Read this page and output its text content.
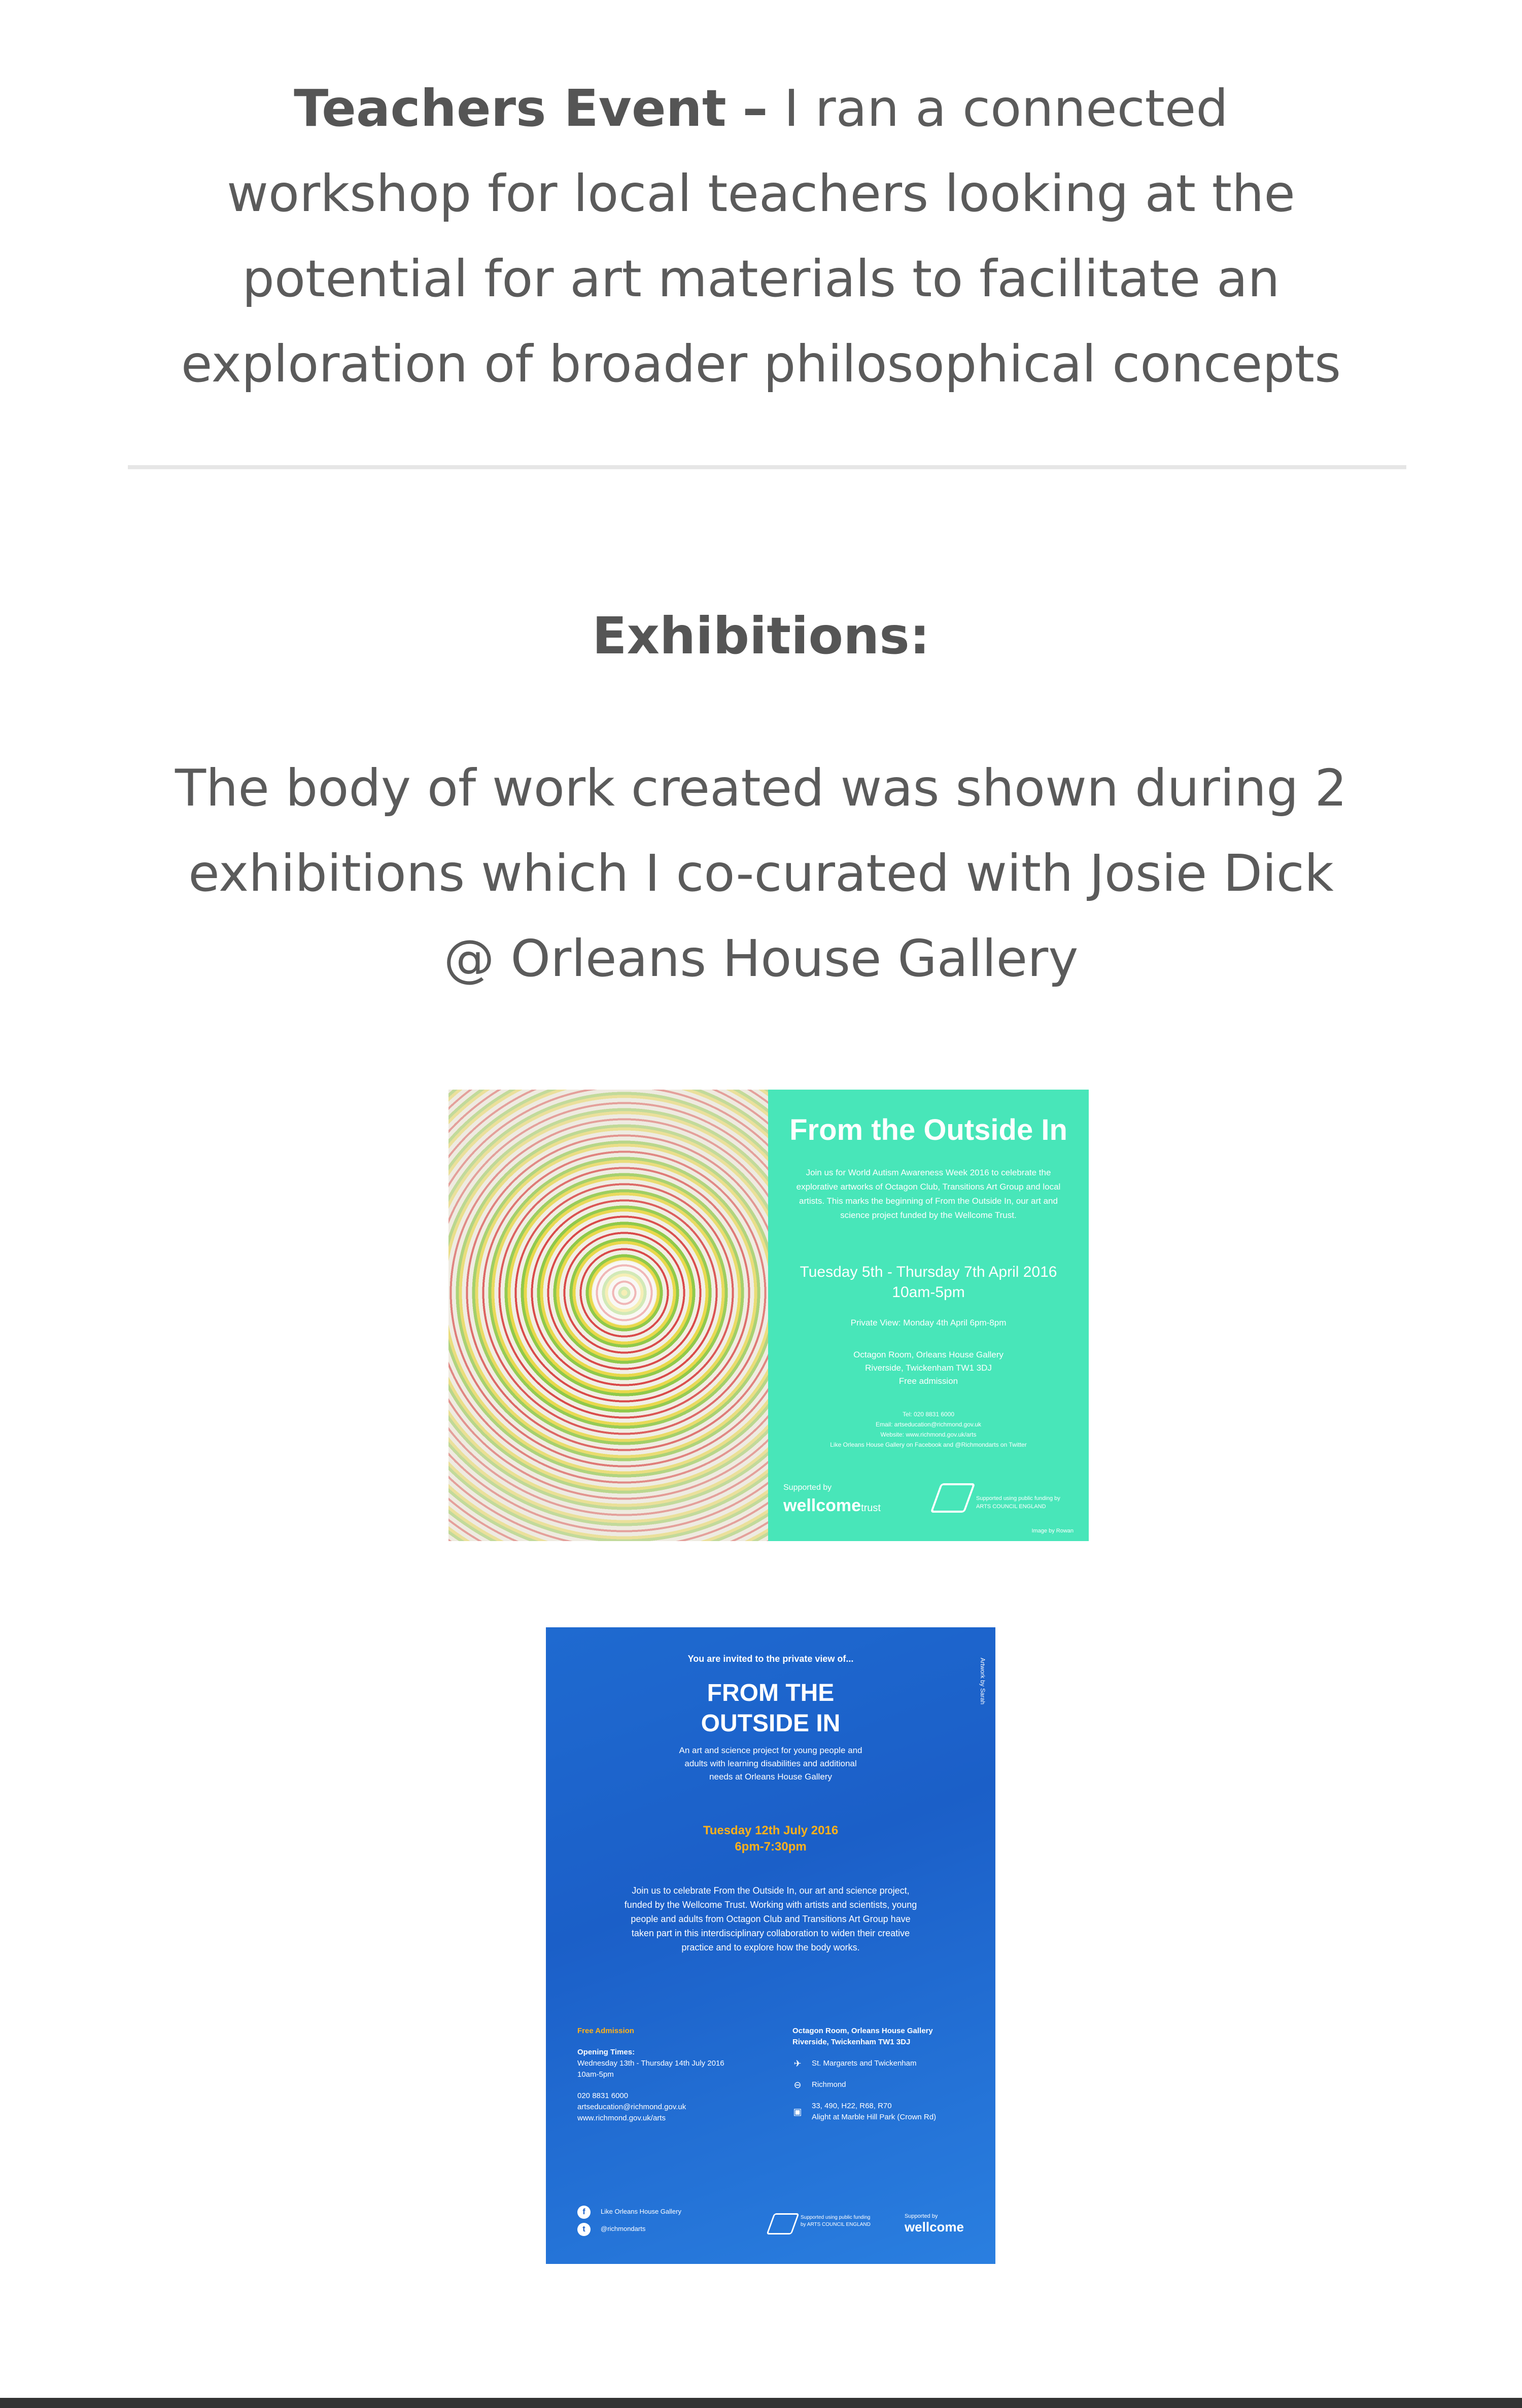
Teachers Event – I ran a connected workshop for local teachers looking at the potential for art materials to facilitate an exploration of broader philosophical concepts
Exhibitions:
The body of work created was shown during 2 exhibitions which I co-curated with Josie Dick @ Orleans House Gallery
From the Outside In
Join us for World Autism Awareness Week 2016 to celebrate the explorative artworks of Octagon Club, Transitions Art Group and local artists. This marks the beginning of From the Outside In, our art and science project funded by the Wellcome Trust.
Tuesday 5th - Thursday 7th April 2016
10am-5pm
Private View: Monday 4th April 6pm-8pm
Octagon Room, Orleans House Gallery
Riverside, Twickenham TW1 3DJ
Free admission
Tel: 020 8831 6000
Email: artseducation@richmond.gov.uk
Website: www.richmond.gov.uk/arts
Like Orleans House Gallery on Facebook and @Richmondarts on Twitter
Supported by
wellcometrust
Supported using public funding by ARTS COUNCIL ENGLAND
Image by Rowan
You are invited to the private view of...	Artwork by Sarah
FROM THE
OUTSIDE IN
An art and science project for young people and adults with learning disabilities and additional needs at Orleans House Gallery
Tuesday 12th July 2016
6pm-7:30pm
Join us to celebrate From the Outside In, our art and science project, funded by the Wellcome Trust. Working with artists and scientists, young people and adults from Octagon Club and Transitions Art Group have taken part in this interdisciplinary collaboration to widen their creative practice and to explore how the body works.
Free Admission
Opening Times:
Wednesday 13th - Thursday 14th July 2016
10am-5pm
020 8831 6000
artseducation@richmond.gov.uk
www.richmond.gov.uk/arts
Octagon Room, Orleans House Gallery
Riverside, Twickenham TW1 3DJ
✈ St. Margarets and Twickenham
⊖ Richmond
▣
33, 490, H22, R68, R70
Alight at Marble Hill Park (Crown Rd)
f Like Orleans House Gallery
t @richmondarts
Supported using public funding by ARTS COUNCIL ENGLAND
Supported by
wellcome
